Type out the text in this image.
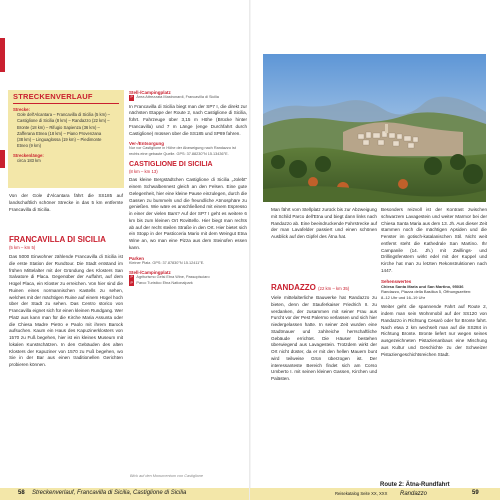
STRECKENVERLAUF
Strecke:
Gole dell'Alcantara – Francavilla di Sicilia (5 km) –
Castiglione di Sicilia (8 km) – Randazzo (22 km) –
Bronte (18 km) – Rifugio Sapienza (36 km) –
Zafferana Etnea (18 km) – Piano Provenzana
(38 km) – Linguaglossa (19 km) – Piedimonte
Etneo (9 km)
Streckenlänge:
circa 183 km
Von der Gole d'Alcantara fährt die SS185 auf landschaftlich schöner Strecke in das 5 km entfernte Francavilla di Sicilia.
FRANCAVILLA DI SICILIA
(5 km – km 5)
Das 5000 Einwohner zählende Francavilla di Sicilia ist die erste Station der Rundtour. Die Stadt entstand im frühen Mittelalter mit der Gründung des Klosters San Salvatore di Placa. Gegenüber der Auffahrt, auf dem Hügel Placa, ein Kloster zu erreichen. Von hier sind die Ruinen eines normannischen Kastells zu sehen, welches mit der mächtigen Ruine auf einem Hügel hoch über der Stadt zu sehen. Das Centro storico von Francavilla eignet sich für einen kleinen Rundgang. Wer Platz aus kann man für die Kirche Maria Assunta oder die Chiesa Madre Pietro e Paolo mit ihrem Barock aufsuchen. Kaum ein Haus des Kapuzinerklosters von 1570 zu Fuß begehen, hier ist ein kleines Museum mit lokalen Kunstschätzen. In den Gebäuden des alten Klosters der Kapuziner von 1570 zu Fuß begehen, wo Sie in der Bar aus einen traditionellen Gerichten probieren können.
Stell-/Campingplatz
P Área Attrezzata Mastronardi, Francavilla di Sicilia
In Francavilla di Sicilia biegt man der SP7 I, die direkt zur nächsten Etappe der Route 2, nach Castiglione di Sicilia, führt. Fahrzeuge über 3,15 m Höhe (Brücke hinter Francavilla) und 7 m Länge (enge Durchfahrt durch Castiglione) müssen über die SS185 und SP89 fahren.
Ver-/Entsorgung
Nur vor Castiglione in Höhe der Abzweigung nach Randazzo ist rechts eine gebaute Quelle. GPS: 37.88230°N 15.13436°E.
CASTIGLIONE DI SICILIA
(8 km – km 13)
Das kleine Bergstädtchen Castiglione di Sicilia „Jolebt“ einem Schwalbennest gleich an den Felsen. Eine gute Gelegenheit, hier eine kleine Pause einzulegen, durch die Gassen zu bummeln und die freundliche Atmosphäre zu genießen. Wie wäre es anschließend mit einem Espresso in einer der vielen Bars? Auf der SP7 I geht es weitere 6 km bis zum kleinen Ort Rovittello. Hier biegt man rechts ab auf der recht steilen Straße in den Ort. Hier bietet sich ein Stopp in der Pasticceria Mario mit dem Weingut Etna Wine an, wo man eine Pizza aus dem Steinofen essen kann.
Parken
Kleiner Platz. GPS: 37.87830°N 15.12411°E.
Stell-/Campingplatz
P Agriturismo Gelsi Etna Wine, Passopisciaro
P Parco Turistico Etna Nationalpark
Blick auf den Monumentum von Castiglione
58 Streckenverlauf, Francavilla di Sicilia, Castiglione di Sicilia
Man fährt vom Stellplatz zurück bis zur Abzweigung mit Schild Parco dell'Etna und biegt dann links nach Randazzo ab. Eine beeindruckende Fahrstrecke auf der man Lavafelder passiert und einen schönen Ausblick auf den Gipfel des Ätna hat.
RANDAZZO (22 km – km 35)
Viele mittelalterliche Bauwerke hat Randazzo zu bieten, denn der Stauferkaiser Friedrich II. zu verdanken, der zusammen mit seiner Frau aus Furcht vor der Pest Palermo verlassen und sich hier niedergelassen hatte. In seiner Zeit wurden eine Stadtmauer und zahlreiche herrschaftliche Gebäude errichtet. Die Häuser bestehen überwiegend aus Lavagestein. Trotzdem wirkt der Ort nicht düster, da er mit den hellen Mauern bunt wird teilweise Grün überzogen ist. Der interessanteste Bereich findet sich am Corso Umberto I. mit seinen kleinen Gassen, Kirchen und Palästen.
Besonders reizvoll ist der Kontrast zwischen schwarzem Lavagestein und weiter Marmor bei der Chiesa Santa Maria aus dem 13. Jh. Aus dieser Zeit stammen noch die mächtigen Apsiden und die Fenster im gotisch-katalanischen Stil. Nicht weit entfernt steht die Kathedrale San Martino. Ihr Campanile (14. Jh.) mit Zwillings- und Drillingsfenstern wirkt edel mit der Kuppel und Kirche hat man zu letzten Rekonstruktionen nach 1447.
Sehenswertes
Chiesa Santa Maria und San Martino, 95036
Randazzo, Piazza della Basilica 5, Öffnungszeiten:
8–12 Uhr und 16–19 Uhr
Weiter geht die spannende Fahrt auf Route 2, indem man sein Wohnmobil auf der SS120 von Randazzo in Richtung Cesarò oder für Bronte fahrt. Nach etwa 2 km wechselt man auf die SS284 in Richtung Bronte. Bronte liefert nur wegen seines ausgezeichneten Pistazienanbaus eine Mischung aus Kultur und Geschichte zu der Schweizer Pistaziengeschichtsreichen Stadt.
Reisekatalog Seite XX, XXX
Route 2: Ätna-Rundfahrt
Randazzo	59
